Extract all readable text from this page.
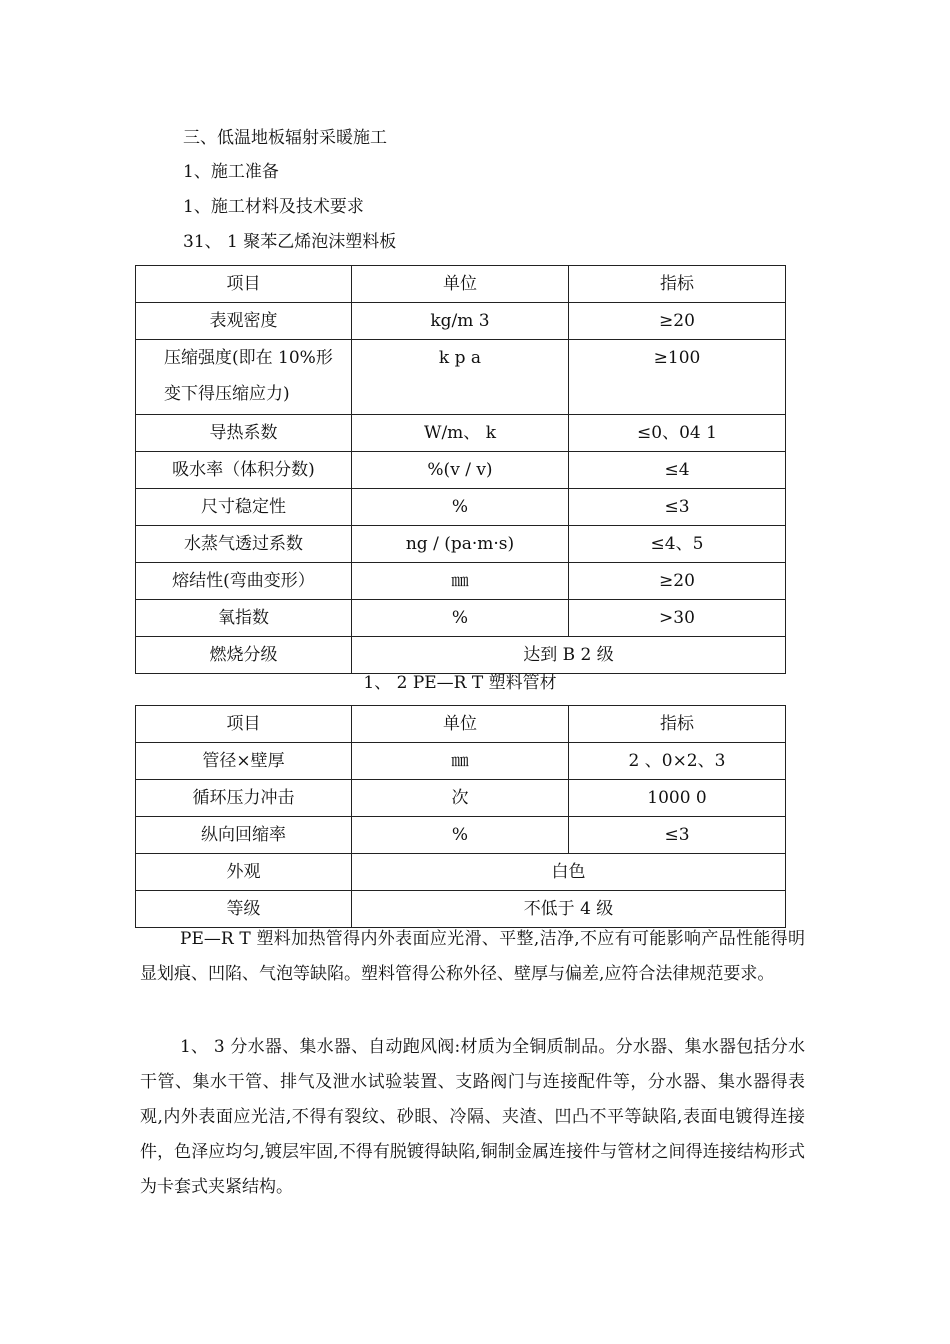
三、低温地板辐射采暖施工
1、施工准备
1、施工材料及技术要求
31、 1 聚苯乙烯泡沫塑料板
项目	单位	指标
表观密度	kg/m 3	≥20
压缩强度(即在 10%形变下得压缩应力)	k p a	≥100
导热系数	W/m、 k	≤0、04 1
吸水率（体积分数)	%(v / v)	≤4
尺寸稳定性	%	≤3
水蒸气透过系数	ng / (pa·m·s)	≤4、5
熔结性(弯曲变形）	㎜	≥20
氧指数	%	>30
燃烧分级	达到 B 2 级	
1、 2 PE—R T 塑料管材
项目	单位	指标
管径×壁厚	㎜	2 、0×2、3
循环压力冲击	次	1000 0
纵向回缩率	%	≤3
外观	白色	
等级	不低于 4 级	
PE—R T 塑料加热管得内外表面应光滑、平整,洁净,不应有可能影响产品性能得明显划痕、凹陷、气泡等缺陷。塑料管得公称外径、壁厚与偏差,应符合法律规范要求。
1、 3 分水器、集水器、自动跑风阀:材质为全铜质制品。分水器、集水器包括分水干管、集水干管、排气及泄水试验装置、支路阀门与连接配件等，分水器、集水器得表观,内外表面应光洁,不得有裂纹、砂眼、冷隔、夹渣、凹凸不平等缺陷,表面电镀得连接件，色泽应均匀,镀层牢固,不得有脱镀得缺陷,铜制金属连接件与管材之间得连接结构形式为卡套式夹紧结构。
